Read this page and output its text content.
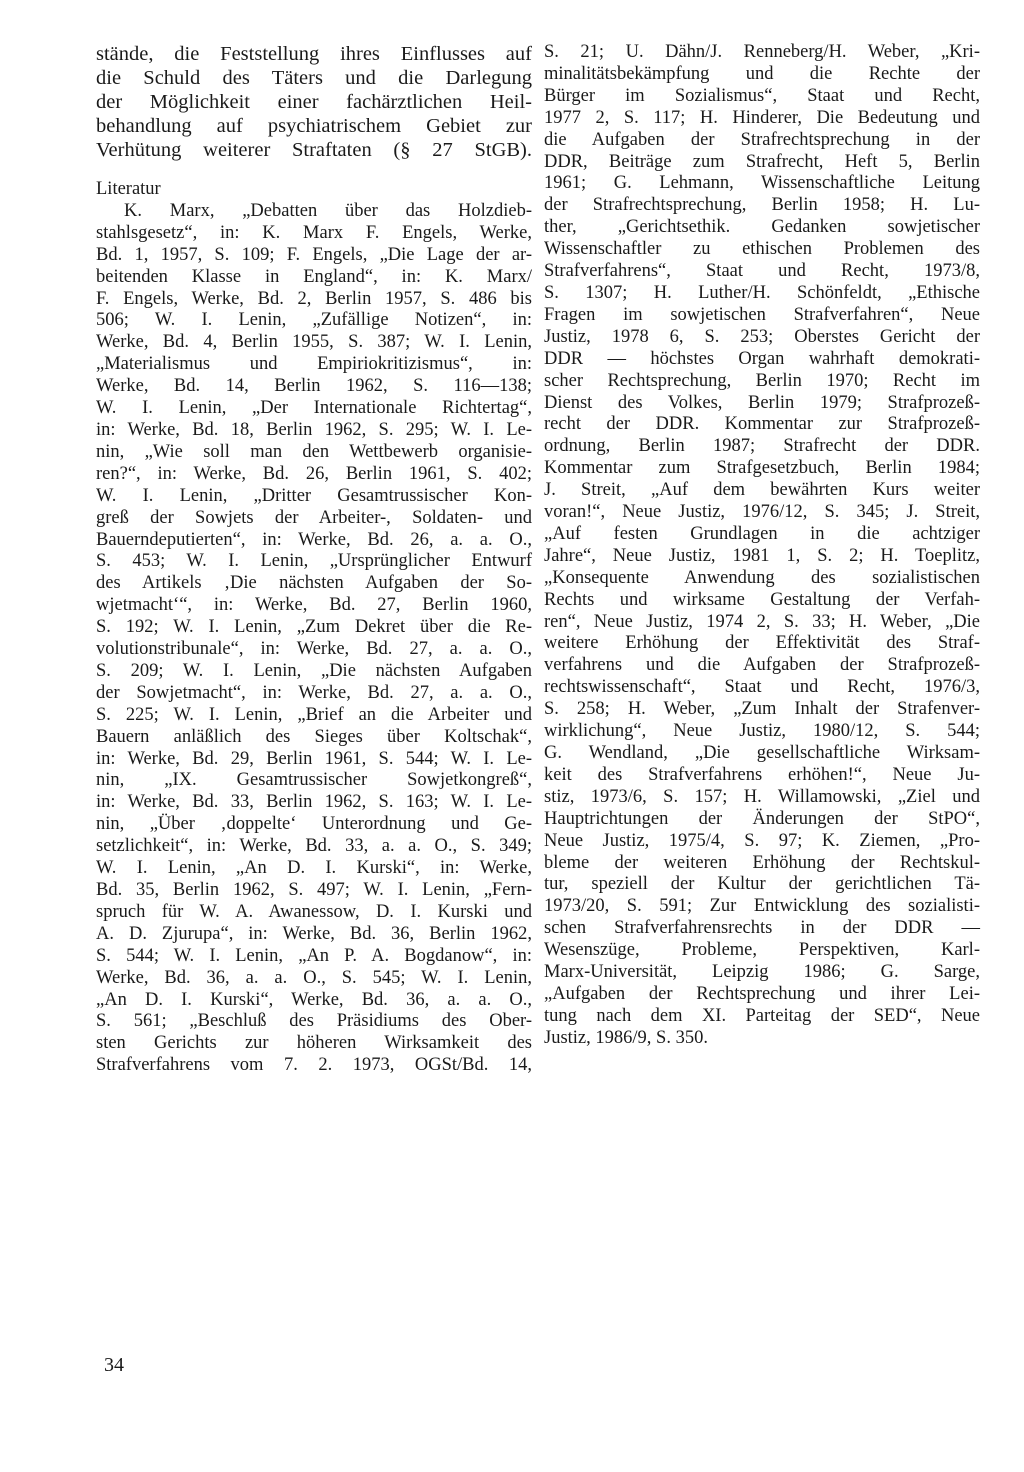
stände, die Feststellung ihres Einflusses auf
die Schuld des Täters und die Darlegung
der Möglichkeit einer fachärztlichen Heil-
behandlung auf psychiatrischem Gebiet zur
Verhütung weiterer Straftaten (§ 27 StGB).
Literatur
K. Marx, „Debatten über das Holzdieb-
stahlsgesetz“, in: K. Marx F. Engels, Werke,
Bd. 1, 1957, S. 109; F. Engels, „Die Lage der ar-
beitenden Klasse in England“, in: K. Marx/
F. Engels, Werke, Bd. 2, Berlin 1957, S. 486 bis
506; W. I. Lenin, „Zufällige Notizen“, in:
Werke, Bd. 4, Berlin 1955, S. 387; W. I. Lenin,
„Materialismus und Empiriokritizismus“, in:
Werke, Bd. 14, Berlin 1962, S. 116—138;
W. I. Lenin, „Der Internationale Richtertag“,
in: Werke, Bd. 18, Berlin 1962, S. 295; W. I. Le-
nin, „Wie soll man den Wettbewerb organisie-
ren?“, in: Werke, Bd. 26, Berlin 1961, S. 402;
W. I. Lenin, „Dritter Gesamtrussischer Kon-
greß der Sowjets der Arbeiter-, Soldaten- und
Bauerndeputierten“, in: Werke, Bd. 26, a. a. O.,
S. 453; W. I. Lenin, „Ursprünglicher Entwurf
des Artikels ‚Die nächsten Aufgaben der So-
wjetmacht‘“, in: Werke, Bd. 27, Berlin 1960,
S. 192; W. I. Lenin, „Zum Dekret über die Re-
volutionstribunale“, in: Werke, Bd. 27, a. a. O.,
S. 209; W. I. Lenin, „Die nächsten Aufgaben
der Sowjetmacht“, in: Werke, Bd. 27, a. a. O.,
S. 225; W. I. Lenin, „Brief an die Arbeiter und
Bauern anläßlich des Sieges über Koltschak“,
in: Werke, Bd. 29, Berlin 1961, S. 544; W. I. Le-
nin, „IX. Gesamtrussischer Sowjetkongreß“,
in: Werke, Bd. 33, Berlin 1962, S. 163; W. I. Le-
nin, „Über ‚doppelte‘ Unterordnung und Ge-
setzlichkeit“, in: Werke, Bd. 33, a. a. O., S. 349;
W. I. Lenin, „An D. I. Kurski“, in: Werke,
Bd. 35, Berlin 1962, S. 497; W. I. Lenin, „Fern-
spruch für W. A. Awanessow, D. I. Kurski und
A. D. Zjurupa“, in: Werke, Bd. 36, Berlin 1962,
S. 544; W. I. Lenin, „An P. A. Bogdanow“, in:
Werke, Bd. 36, a. a. O., S. 545; W. I. Lenin,
„An D. I. Kurski“, Werke, Bd. 36, a. a. O.,
S. 561; „Beschluß des Präsidiums des Ober-
sten Gerichts zur höheren Wirksamkeit des
Strafverfahrens vom 7. 2. 1973, OGSt/Bd. 14,
S. 21; U. Dähn/J. Renneberg/H. Weber, „Kri-
minalitätsbekämpfung und die Rechte der
Bürger im Sozialismus“, Staat und Recht,
1977 2, S. 117; H. Hinderer, Die Bedeutung und
die Aufgaben der Strafrechtsprechung in der
DDR, Beiträge zum Strafrecht, Heft 5, Berlin
1961; G. Lehmann, Wissenschaftliche Leitung
der Strafrechtsprechung, Berlin 1958; H. Lu-
ther, „Gerichtsethik. Gedanken sowjetischer
Wissenschaftler zu ethischen Problemen des
Strafverfahrens“, Staat und Recht, 1973/8,
S. 1307; H. Luther/H. Schönfeldt, „Ethische
Fragen im sowjetischen Strafverfahren“, Neue
Justiz, 1978 6, S. 253; Oberstes Gericht der
DDR — höchstes Organ wahrhaft demokrati-
scher Rechtsprechung, Berlin 1970; Recht im
Dienst des Volkes, Berlin 1979; Strafprozeß-
recht der DDR. Kommentar zur Strafprozeß-
ordnung, Berlin 1987; Strafrecht der DDR.
Kommentar zum Strafgesetzbuch, Berlin 1984;
J. Streit, „Auf dem bewährten Kurs weiter
voran!“, Neue Justiz, 1976/12, S. 345; J. Streit,
„Auf festen Grundlagen in die achtziger
Jahre“, Neue Justiz, 1981 1, S. 2; H. Toeplitz,
„Konsequente Anwendung des sozialistischen
Rechts und wirksame Gestaltung der Verfah-
ren“, Neue Justiz, 1974 2, S. 33; H. Weber, „Die
weitere Erhöhung der Effektivität des Straf-
verfahrens und die Aufgaben der Strafprozeß-
rechtswissenschaft“, Staat und Recht, 1976/3,
S. 258; H. Weber, „Zum Inhalt der Strafenver-
wirklichung“, Neue Justiz, 1980/12, S. 544;
G. Wendland, „Die gesellschaftliche Wirksam-
keit des Strafverfahrens erhöhen!“, Neue Ju-
stiz, 1973/6, S. 157; H. Willamowski, „Ziel und
Hauptrichtungen der Änderungen der StPO“,
Neue Justiz, 1975/4, S. 97; K. Ziemen, „Pro-
bleme der weiteren Erhöhung der Rechtskul-
tur, speziell der Kultur der gerichtlichen Tä-
1973/20, S. 591; Zur Entwicklung des sozialisti-
schen Strafverfahrensrechts in der DDR —
Wesenszüge, Probleme, Perspektiven, Karl-
Marx-Universität, Leipzig 1986; G. Sarge,
„Aufgaben der Rechtsprechung und ihrer Lei-
tung nach dem XI. Parteitag der SED“, Neue
Justiz, 1986/9, S. 350.
34
